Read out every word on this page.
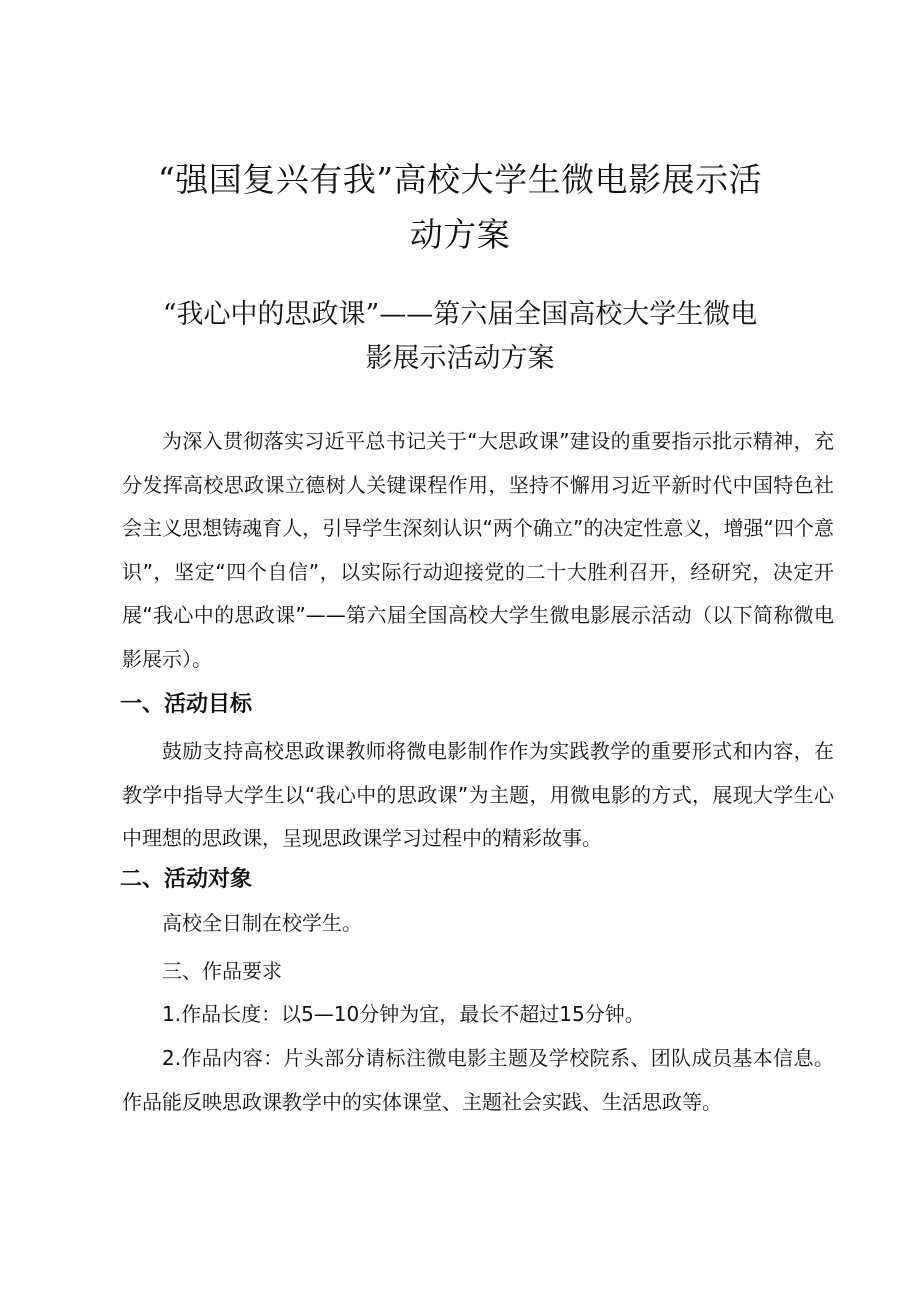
“强国复兴有我”高校大学生微电影展示活
动方案
“我心中的思政课”——第六届全国高校大学生微电
影展示活动方案
为深入贯彻落实习近平总书记关于“大思政课”建设的重要指示批示精神，充分发挥高校思政课立德树人关键课程作用，坚持不懈用习近平新时代中国特色社会主义思想铸魂育人，引导学生深刻认识“两个确立”的决定性意义，增强“四个意识”，坚定“四个自信”，以实际行动迎接党的二十大胜利召开，经研究，决定开展“我心中的思政课”——第六届全国高校大学生微电影展示活动（以下简称微电影展示）。
一、活动目标
鼓励支持高校思政课教师将微电影制作作为实践教学的重要形式和内容，在教学中指导大学生以“我心中的思政课”为主题，用微电影的方式，展现大学生心中理想的思政课，呈现思政课学习过程中的精彩故事。
二、活动对象
高校全日制在校学生。
三、作品要求
1.作品长度：以5—10分钟为宜，最长不超过15分钟。
2.作品内容：片头部分请标注微电影主题及学校院系、团队成员基本信息。作品能反映思政课教学中的实体课堂、主题社会实践、生活思政等。
